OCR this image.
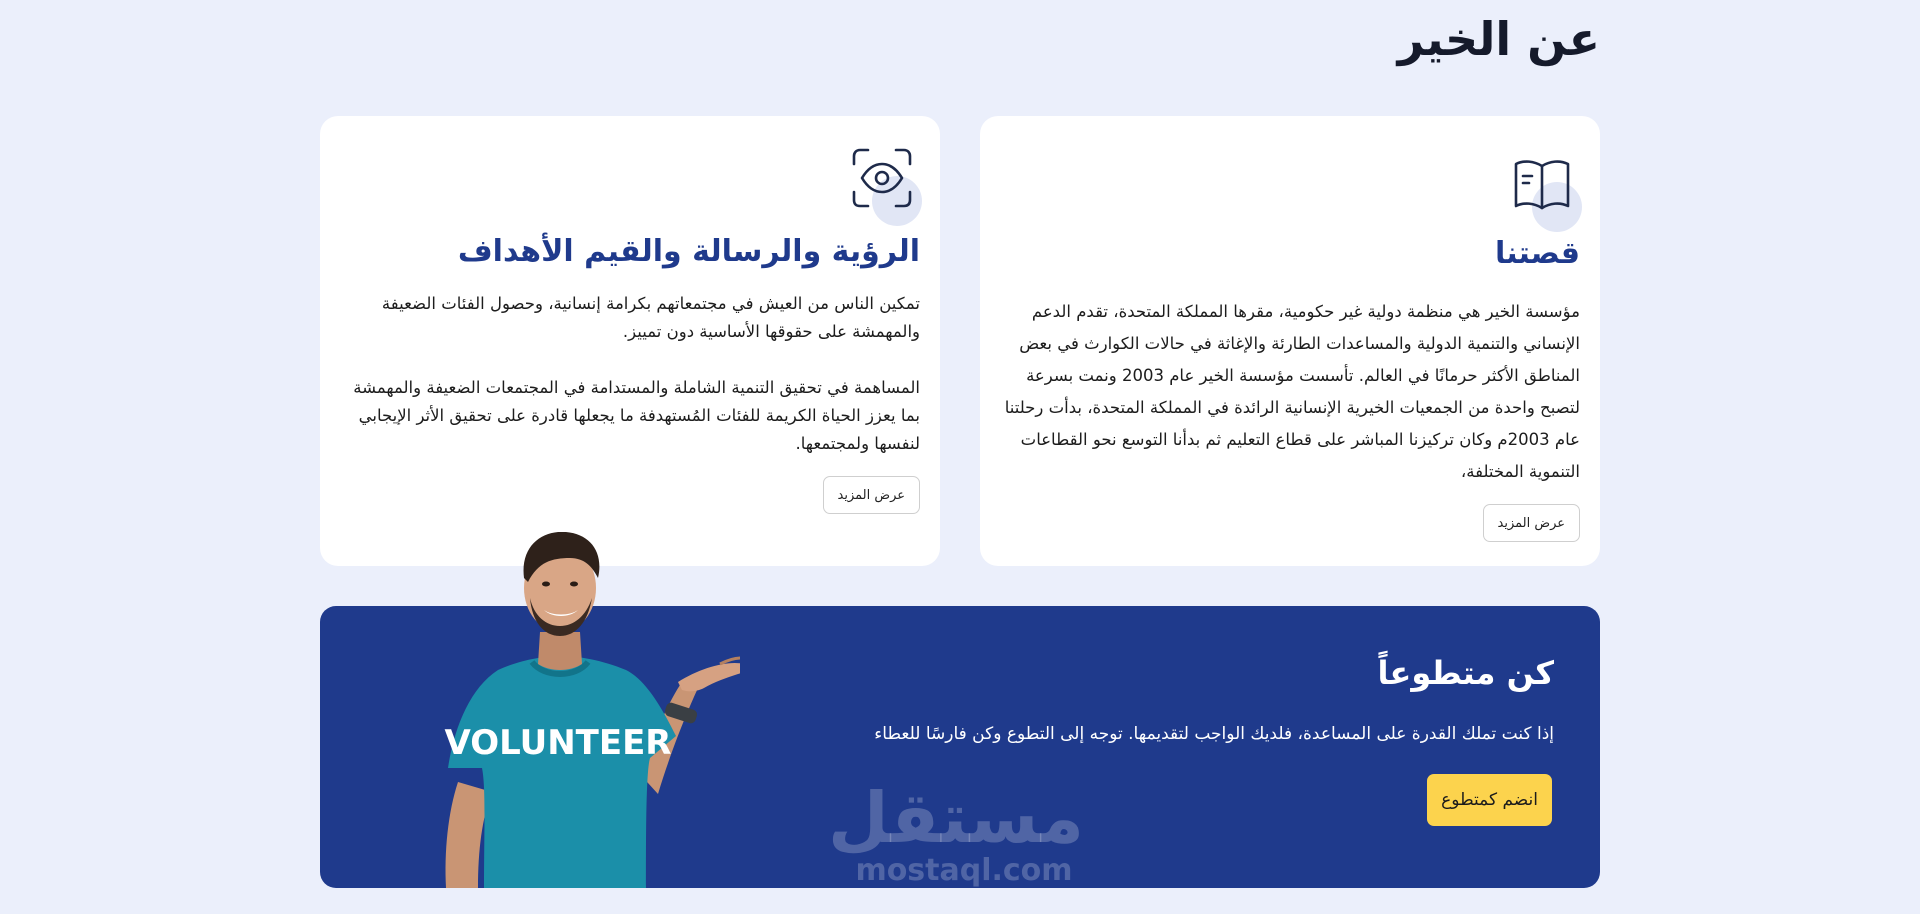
عن الخير
قصتنا

مؤسسة الخير هي منظمة دولية غير حكومية، مقرها المملكة المتحدة، تقدم الدعم الإنساني والتنمية الدولية والمساعدات الطارئة والإغاثة في حالات الكوارث في بعض المناطق الأكثر حرمانًا في العالم. تأسست مؤسسة الخير عام 2003 ونمت بسرعة لتصبح واحدة من الجمعيات الخيرية الإنسانية الرائدة في المملكة المتحدة، بدأت رحلتنا عام 2003م وكان تركيزنا المباشر على قطاع التعليم ثم بدأنا التوسع نحو القطاعات التنموية المختلفة،

عرض المزيد
الرؤية والرسالة والقيم الأهداف

تمكين الناس من العيش في مجتمعاتهم بكرامة إنسانية، وحصول الفئات الضعيفة والمهمشة على حقوقها الأساسية دون تمييز.

المساهمة في تحقيق التنمية الشاملة والمستدامة في المجتمعات الضعيفة والمهمشة بما يعزز الحياة الكريمة للفئات المُستهدفة ما يجعلها قادرة على تحقيق الأثر الإيجابي لنفسها ولمجتمعها.

عرض المزيد
مستقل
mostaql.com
كن متطوعاً

إذا كنت تملك القدرة على المساعدة، فلديك الواجب لتقديمها. توجه إلى التطوع وكن فارسًا للعطاء

انضم كمتطوع
VOLUNTEER
